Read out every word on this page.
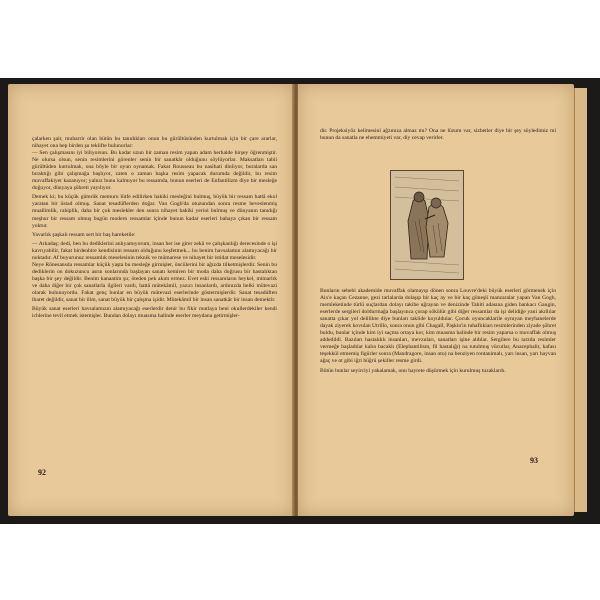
çalarken şair, muharrir olan bütün bu tanıdıkları onun bu gürültüsünden kurtulmak için bir çare ararlar, nihayet ona hep birden şu teklifte bulunurlar:

— Sen çalışmasını iyi biliyorsun. Bu kadar uzun bir zaman resim yapan adam herhalde birşey öğrenmiştir. Ne olursa olsun, senin resimlerini görenler senin bir sanatkâr olduğunu söylüyorlar. Maksatları tabii gürültüden kurtulmak, ona böyle bir oyun oynamak. Fakat Rousseau bu nasihati dinliyor, buralarda san bıraktığı gibi çalışmağa başlıyor, zaten o zaman başka resim yapacak durumda değildir, bu resim muvaffakiyet kazanıyor; yalnız bunu kalmıyor bu ressamda, bunun eserleri de Enfantilizm diye bir mesleğe doğuyor, dünyaya şöhreti yayılıyor.

Demek ki; bu küçük gümrük memuru lütfe edilirken hakiki mesleğini bulmuş, büyük bir ressam hattâ ekol yaratan bir üstad olmuş. Sanat tesadüflerden doğar. Van Gogh'da otuzundan sonra resme heveslenmiş muallimlik, rahiplik, daha bir çok meslekler den sonra nihayet hakiki yerini bulmuş ve dünyanın tanıdığı meşhur bir ressam olmuş bugün modern ressamlar içinde bunun kadar eserleri bahaya çıkan bir ressam yoktur.

Yavarlık şaşkalı ressam sert bir baş hareketile:

— Arkadaş; dedi, ben bu dediklerini anlıyamıyorum, insan her ise girer zekâ ve çalışkanlığı derecesinde o işi kavrıyabilir, fakat birdenbire kendisinin ressam olduğunu keşfetmek... bu benim havsalamın alamıyacağı bir noktadır. Af buyurunuz ressamlık meselesinin teknik ve mümarese ve nihayet bir istidat meselesidir.

Neye Rönesansda ressamlar küçük yaşta bu mesleğe girmişler, öncülerini bir ağızda tilketmişlerdir. Senin bu dediklerin on dokuzuncu asrın sonlarında başlayan sanatı kemiren bir moda daha doğrusu bir hastalıktan başka bir şey değildir. Benim kanaatim şu; öteden pek akım ermez. Evet eski ressamların heykel, mimarlık ve daha diğer bir çok sanatlarla ilgileri vardı, hattâ mütekâmil, yazıcı insanlardı, ardınızda belki mütevazi olarak bulunuyordu. Fakat genç bunlar en büyük mütevazi eserlerinde göstermişlerdir. Sanat tesadüften ibaret değildir, sanat bir ilim, sanat büyük bir çalışma işidir. Mütekâmil bir insan sanatkâr bir insan demektir.

Büyük sanat eserleri havsalamızın alamıyacağı eserlerdir denir bu fikir mutlaya beni okullerdekiler kendi ichlerine tevil etmek istemişler. Bundan dolayı muasma halinde eserler meydana getirmişler-

92

dir. Projeksiyöz kelimesini ağzınıza almaz mı? Ona ne lüzum var, sizbetler diye bir şey söyledimiz mi bunun da sanatla ne ehemmiyeti var, diy cevap verirler.

Bunların sebebi akademide muvaffak olamayıp dönen sonra Louvre'deki büyük eserleri görmenek için Aix'e kaçan Cezanne, gezi tarlalarda dolaşıp bir kaç ay ve bir kaç güneşli manzaralar yapan Van Gogh, memleketinde türlü suçlardan dolayı takibe uğrayan ve denizinde Tahiti adasına giden bankacı Gaugin, eserlerde sergileri doldurmağa başlayınca çorap sökülür gibi diğer ressamlar da işi delidiğe yani akıllılar sanatta çıkar yol delilikte diye bunları taklide koyuldular. Çocuk oyuncaklarile oynıyan meyhanelerde dayak ziyerek kovulan Utrillo, sonra onun gibi Chagall, Paşkin'in tuhaflıkları resimlerinden ziyade şöhret buldu, bunlar içinde kim iyi saçma ortaya kor, kim muasma halinde bir resim yaparsa o muvaffak olmuş addedildi. Bazıları hastalıklı insanları, mevzuları, sanatları işine aldılar. Sergilere bu tarzda resimler vermeğe başladılar kalın bacaklı (Elephantilism, fil hastalığı) na tutulmuş vücutlar, Anacephalit, kafası teşekkül etmemiş figürler sonra (Mandragore, insan otu) na benziyen rontanimalı, yarı insan, yarı hayvan ağaç ve ot gibi iğri büğrü şekiller resme girdi.

Bütün bunlar seyirciyi yakalamak, onu hayrete düşürmek için kurulmuş tuzaklardı.

93
